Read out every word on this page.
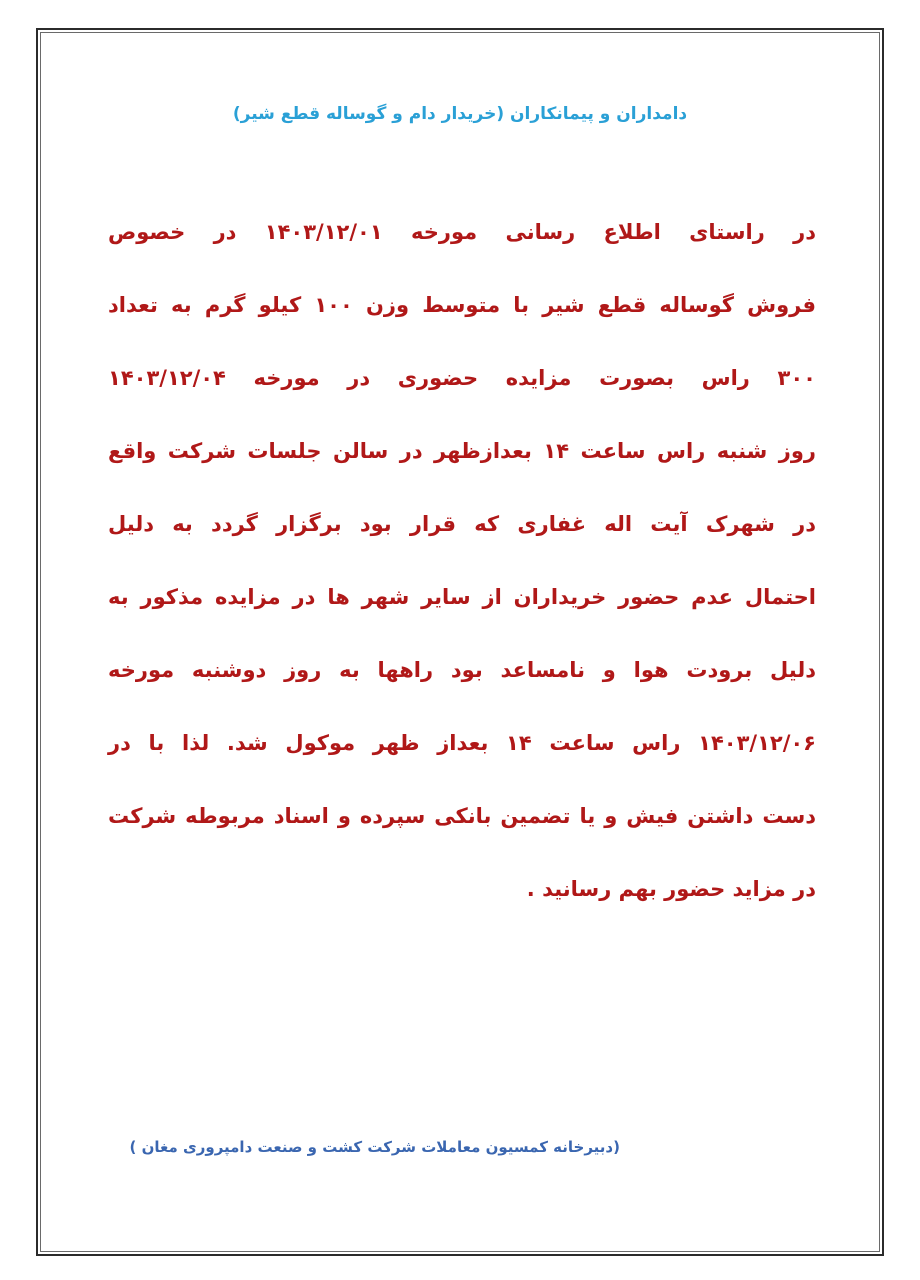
دامداران و پیمانکاران (خریدار دام و گوساله قطع شیر)

در راستای اطلاع رسانی مورخه ۱۴۰۳/۱۲/۰۱ در خصوص
فروش گوساله قطع شیر با متوسط وزن ۱۰۰ کیلو گرم به تعداد
۳۰۰ راس بصورت مزایده حضوری در مورخه ۱۴۰۳/۱۲/۰۴
روز شنبه راس ساعت ۱۴ بعدازظهر در سالن جلسات شرکت واقع
در شهرک آیت اله غفاری که قرار بود برگزار گردد به دلیل
احتمال عدم حضور خریداران از سایر شهر ها در مزایده مذکور به
دلیل برودت هوا و نامساعد بود راهها به روز دوشنبه مورخه
۱۴۰۳/۱۲/۰۶ راس ساعت ۱۴ بعداز ظهر موکول شد. لذا با در
دست داشتن فیش و یا تضمین بانکی سپرده و اسناد مربوطه شرکت
در مزاید حضور بهم رسانید .

(دبیرخانه کمسیون معاملات شرکت کشت و صنعت دامپروری مغان )
